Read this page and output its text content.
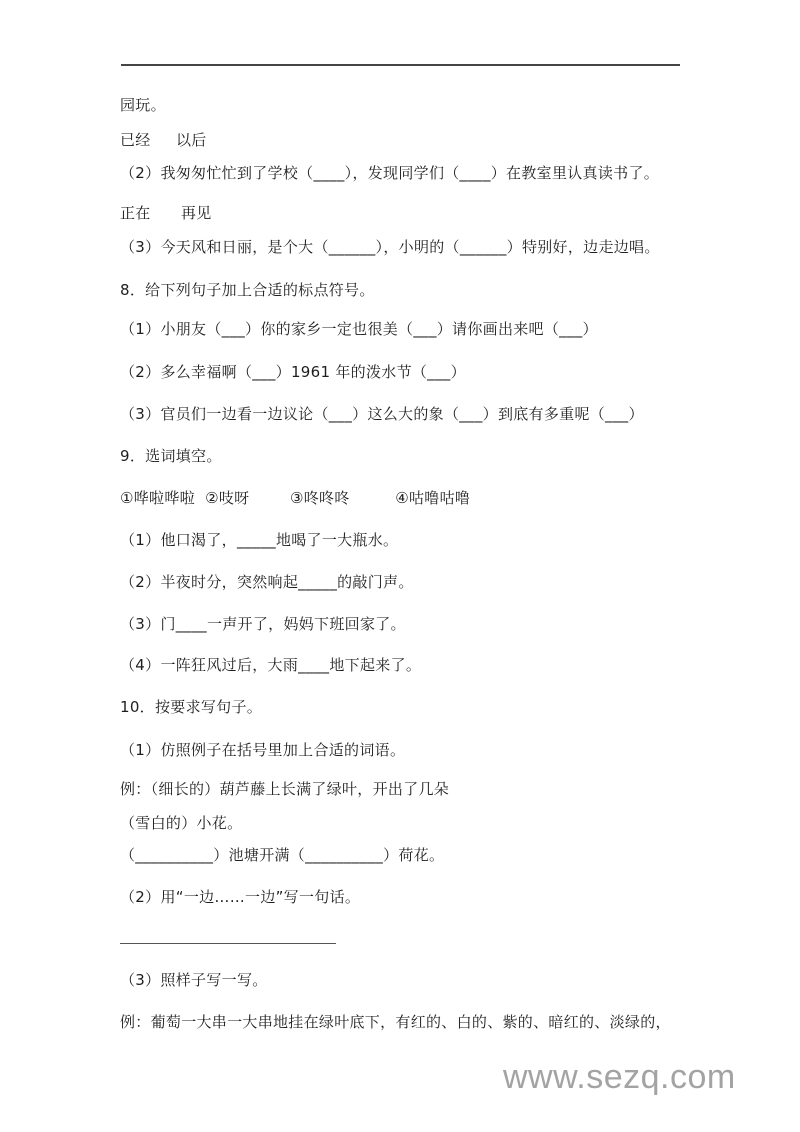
园玩。
已经     以后
（2）我匆匆忙忙到了学校（____），发现同学们（____）在教室里认真读书了。
正在      再见
（3）今天风和日丽，是个大（______），小明的（______）特别好，边走边唱。
8．给下列句子加上合适的标点符号。
（1）小朋友（___）你的家乡一定也很美（___）请你画出来吧（___）
（2）多么幸福啊（___）1961 年的泼水节（___）
（3）官员们一边看一边议论（___）这么大的象（___）到底有多重呢（___）
9．选词填空。
①哗啦哗啦  ②吱呀        ③咚咚咚         ④咕噜咕噜
（1）他口渴了，_____地喝了一大瓶水。
（2）半夜时分，突然响起_____的敲门声。
（3）门____一声开了，妈妈下班回家了。
（4）一阵狂风过后，大雨____地下起来了。
10．按要求写句子。
（1）仿照例子在括号里加上合适的词语。
例：（细长的）葫芦藤上长满了绿叶，开出了几朵
（雪白的）小花。
（__________）池塘开满（__________）荷花。
（2）用“一边……一边”写一句话。
（3）照样子写一写。
例：葡萄一大串一大串地挂在绿叶底下，有红的、白的、紫的、暗红的、淡绿的，
www.sezq.com
